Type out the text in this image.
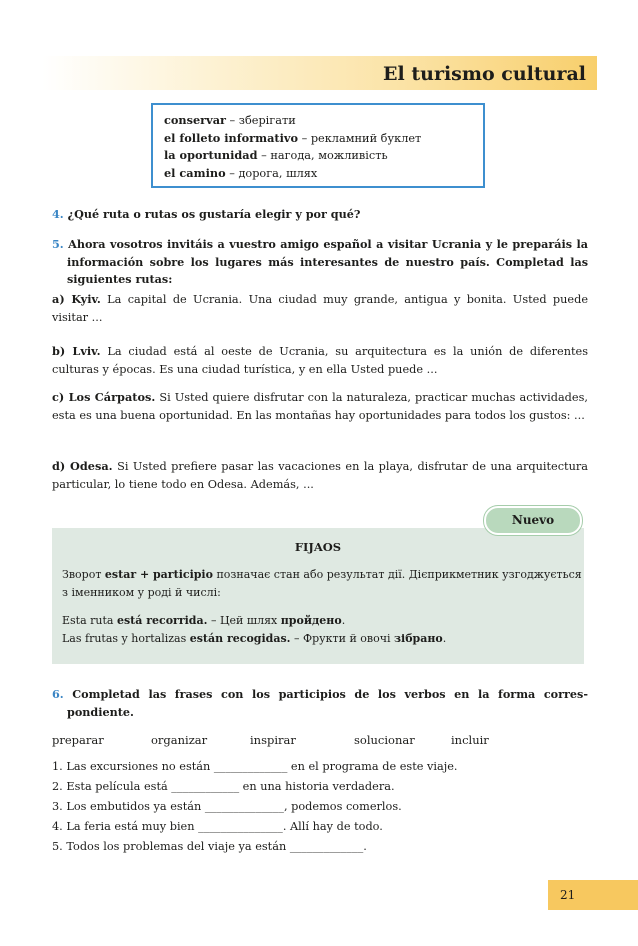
El turismo cultural
conservar – зберігати
el folleto informativo – рекламний буклет
la oportunidad – нагода, можливість
el camino – дорога, шлях
4. ¿Qué ruta o rutas os gustaría elegir y por qué?
5. Ahora vosotros invitáis a vuestro amigo español a visitar Ucrania y le preparáis la información sobre los lugares más interesantes de nuestro país. Completad las siguientes rutas:
a) Kyiv. La capital de Ucrania. Una ciudad muy grande, antigua y bonita. Usted puede visitar ...
b) Lviv. La ciudad está al oeste de Ucrania, su arquitectura es la unión de diferentes culturas y épocas. Es una ciudad turística, y en ella Usted puede ...
c) Los Cárpatos. Si Usted quiere disfrutar con la naturaleza, practicar muchas actividades, esta es una buena oportunidad. En las montañas hay oportunidades para todos los gustos: ...
d) Odesa. Si Usted prefiere pasar las vacaciones en la playa, disfrutar de una arquitectura particular, lo tiene todo en Odesa. Además, ...
Nuevo
FIJAOS
Зворот estar + participio позначає стан або результат дії. Дієприкметник узгоджується з іменником у роді й числі:
Esta ruta está recorrida. – Цей шлях пройдено.
Las frutas y hortalizas están recogidas. – Фрукти й овочі зібрано.
6. Completad las frases con los participios de los verbos en la forma correspondiente.
preparar	organizar	inspirar	solucionar	incluir
1. Las excursiones no están _____________ en el programa de este viaje.
2. Esta película está ____________ en una historia verdadera.
3. Los embutidos ya están ______________, podemos comerlos.
4. La feria está muy bien _______________. Allí hay de todo.
5. Todos los problemas del viaje ya están _____________.
21
